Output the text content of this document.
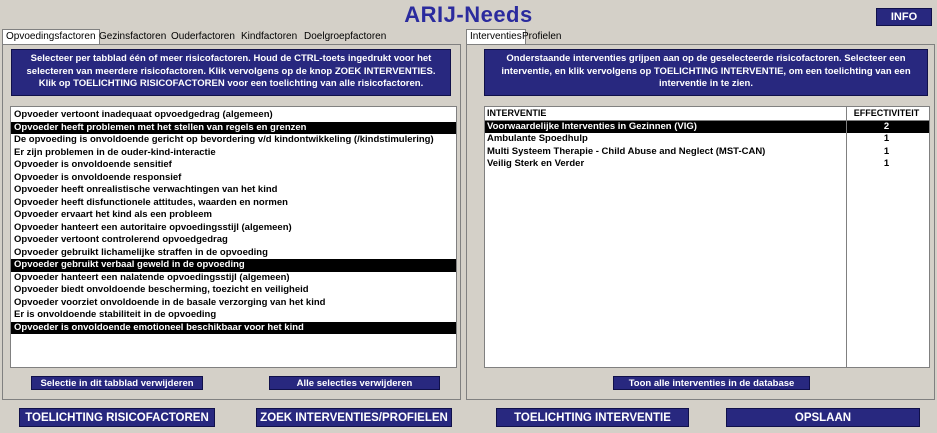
ARIJ-Needs	INFO
Opvoedingsfactoren Gezinsfactoren Ouderfactoren Kindfactoren Doelgroepfactoren
Selecteer per tabblad één of meer risicofactoren. Houd de CTRL-toets ingedrukt voor het selecteren van meerdere risicofactoren. Klik vervolgens op de knop ZOEK INTERVENTIES. Klik op TOELICHTING RISICOFACTOREN voor een toelichting van alle risicofactoren.
Opvoeder vertoont inadequaat opvoedgedrag (algemeen)
Opvoeder heeft problemen met het stellen van regels en grenzen
De opvoeding is onvoldoende gericht op bevordering v/d kindontwikkeling (/kindstimulering)
Er zijn problemen in de ouder-kind-interactie
Opvoeder is onvoldoende sensitief
Opvoeder is onvoldoende responsief
Opvoeder heeft onrealistische verwachtingen van het kind
Opvoeder heeft disfunctionele attitudes, waarden en normen
Opvoeder ervaart het kind als een probleem
Opvoeder hanteert een autoritaire opvoedingsstijl (algemeen)
Opvoeder vertoont controlerend opvoedgedrag
Opvoeder gebruikt lichamelijke straffen in de opvoeding
Opvoeder gebruikt verbaal geweld in de opvoeding
Opvoeder hanteert een nalatende opvoedingsstijl (algemeen)
Opvoeder biedt onvoldoende bescherming, toezicht en veiligheid
Opvoeder voorziet onvoldoende in de basale verzorging van het kind
Er is onvoldoende stabiliteit in de opvoeding
Opvoeder is onvoldoende emotioneel beschikbaar voor het kind
Selectie in dit tabblad verwijderen	Alle selecties verwijderen
Interventies Profielen
Onderstaande interventies grijpen aan op de geselecteerde risicofactoren. Selecteer een interventie, en klik vervolgens op TOELICHTING INTERVENTIE, om een toelichting van een interventie in te zien.
INTERVENTIE	EFFECTIVITEIT
Voorwaardelijke Interventies in Gezinnen (VIG)	2
Ambulante Spoedhulp	1
Multi Systeem Therapie - Child Abuse and Neglect (MST-CAN)	1
Veilig Sterk en Verder	1
Toon alle interventies in de database
TOELICHTING RISICOFACTOREN	ZOEK INTERVENTIES/PROFIELEN	TOELICHTING INTERVENTIE	OPSLAAN
